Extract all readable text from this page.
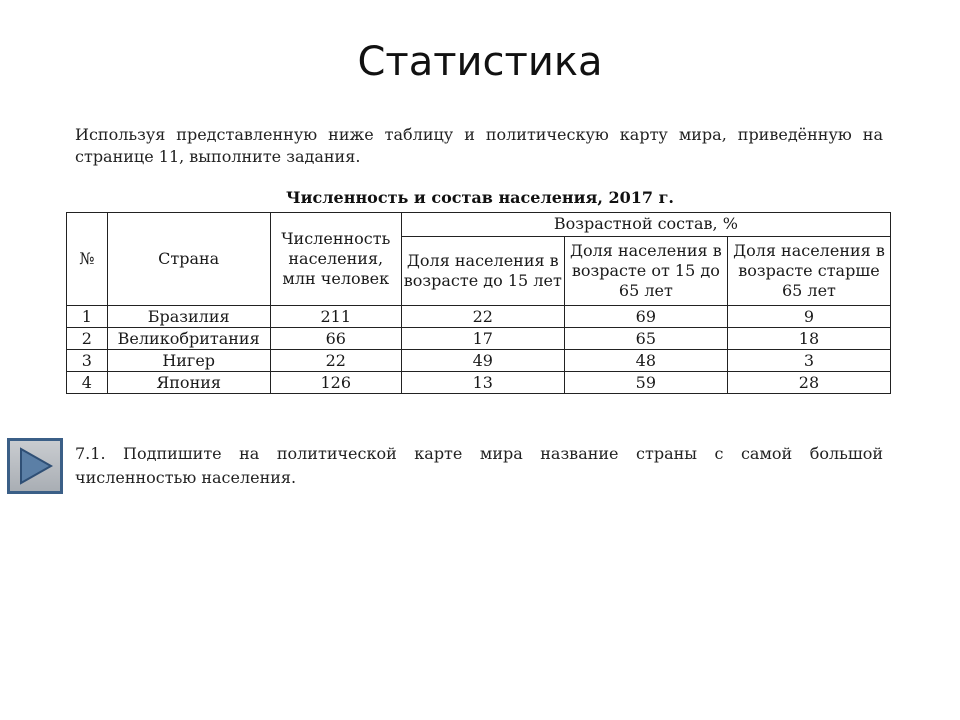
Статистика
Используя представленную ниже таблицу и политическую карту мира, приведённую на странице 11, выполните задания.
Численность и состав населения, 2017 г.
№	Страна	Численность населения, млн человек	Возрастной состав, %		
			Доля населения в возрасте до 15 лет	Доля населения в возрасте от 15 до 65 лет	Доля населения в возрасте старше 65 лет
1	Бразилия	211	22	69	9
2	Великобритания	66	17	65	18
3	Нигер	22	49	48	3
4	Япония	126	13	59	28
7.1. Подпишите на политической карте мира название страны с самой большой численностью населения.
